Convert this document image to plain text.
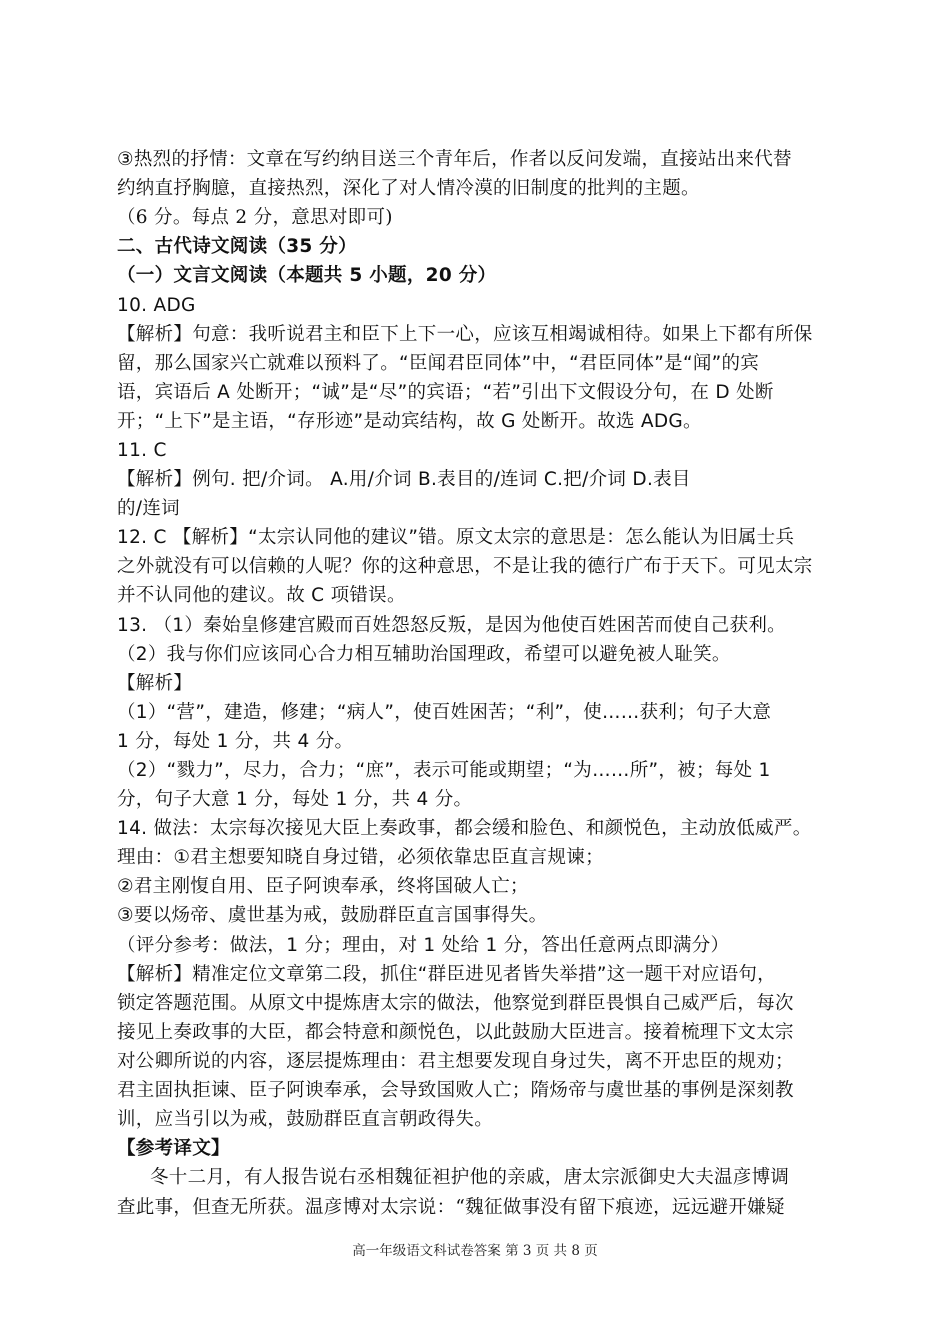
③热烈的抒情：文章在写约纳目送三个青年后，作者以反问发端，直接站出来代替
约纳直抒胸臆，直接热烈，深化了对人情冷漠的旧制度的批判的主题。
（6 分。每点 2 分，意思对即可)
二、古代诗文阅读（35 分）
（一）文言文阅读（本题共 5 小题，20 分）
10. ADG
【解析】句意：我听说君主和臣下上下一心，应该互相竭诚相待。如果上下都有所保
留，那么国家兴亡就难以预料了。“臣闻君臣同体”中，“君臣同体”是“闻”的宾
语，宾语后 A 处断开；“诚”是“尽”的宾语；“若”引出下文假设分句，在 D 处断
开；“上下”是主语，“存形迹”是动宾结构，故 G 处断开。故选 ADG。
11. C
【解析】例句. 把/介词。 A.用/介词 B.表目的/连词 C.把/介词 D.表目
的/连词
12. C 【解析】“太宗认同他的建议”错。原文太宗的意思是：怎么能认为旧属士兵
之外就没有可以信赖的人呢？你的这种意思，不是让我的德行广布于天下。可见太宗
并不认同他的建议。故 C 项错误。
13. （1）秦始皇修建宫殿而百姓怨怒反叛，是因为他使百姓困苦而使自己获利。
（2）我与你们应该同心合力相互辅助治国理政，希望可以避免被人耻笑。
【解析】
（1）“营”，建造，修建；“病人”，使百姓困苦；“利”，使……获利；句子大意
1 分，每处 1 分，共 4 分。
（2）“戮力”，尽力，合力；“庶”，表示可能或期望；“为……所”，被；每处 1
分，句子大意 1 分，每处 1 分，共 4 分。
14. 做法：太宗每次接见大臣上奏政事，都会缓和脸色、和颜悦色，主动放低威严。
理由：①君主想要知晓自身过错，必须依靠忠臣直言规谏；
②君主刚愎自用、臣子阿谀奉承，终将国破人亡；
③要以炀帝、虞世基为戒，鼓励群臣直言国事得失。
（评分参考：做法，1 分；理由，对 1 处给 1 分，答出任意两点即满分）
【解析】精准定位文章第二段，抓住“群臣进见者皆失举措”这一题干对应语句，
锁定答题范围。从原文中提炼唐太宗的做法，他察觉到群臣畏惧自己威严后，每次
接见上奏政事的大臣，都会特意和颜悦色，以此鼓励大臣进言。接着梳理下文太宗
对公卿所说的内容，逐层提炼理由：君主想要发现自身过失，离不开忠臣的规劝；
君主固执拒谏、臣子阿谀奉承，会导致国败人亡；隋炀帝与虞世基的事例是深刻教
训，应当引以为戒，鼓励群臣直言朝政得失。
【参考译文】
冬十二月，有人报告说右丞相魏征袒护他的亲戚，唐太宗派御史大夫温彦博调
查此事，但查无所获。温彦博对太宗说：“魏征做事没有留下痕迹，远远避开嫌疑
高一年级语文科试卷答案 第 3 页 共 8 页
